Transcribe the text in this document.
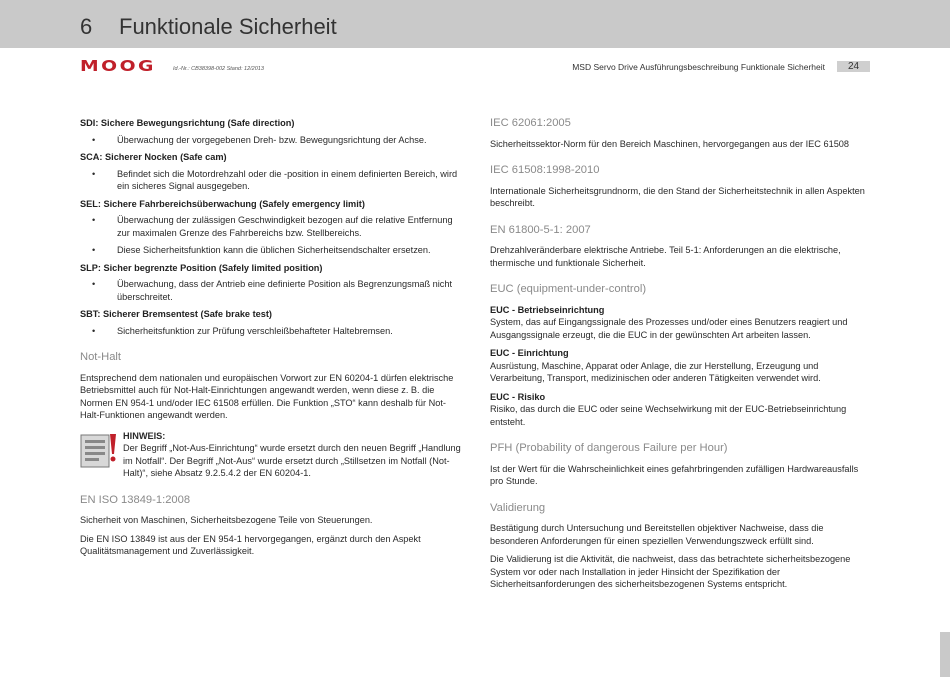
6 Funktionale Sicherheit
MOOG	Id.-Nr.: CB38398-002 Stand: 12/2013	MSD Servo Drive Ausführungsbeschreibung Funktionale Sicherheit	24
SDI: Sichere Bewegungsrichtung (Safe direction)
• Überwachung der vorgegebenen Dreh- bzw. Bewegungsrichtung der Achse.
SCA: Sicherer Nocken (Safe cam)
• Befindet sich die Motordrehzahl oder die -position in einem definierten Bereich, wird ein sicheres Signal ausgegeben.
SEL: Sichere Fahrbereichsüberwachung (Safely emergency limit)
• Überwachung der zulässigen Geschwindigkeit bezogen auf die relative Entfernung zur maximalen Grenze des Fahrbereichs bzw. Stellbereichs.
• Diese Sicherheitsfunktion kann die üblichen Sicherheitsendschalter ersetzen.
SLP: Sicher begrenzte Position (Safely limited position)
• Überwachung, dass der Antrieb eine definierte Position als Begrenzungsmaß nicht überschreitet.
SBT: Sicherer Bremsentest (Safe brake test)
• Sicherheitsfunktion zur Prüfung verschleißbehafteter Haltebremsen.
Not-Halt

Entsprechend dem nationalen und europäischen Vorwort zur EN 60204-1 dürfen elektrische Betriebsmittel auch für Not-Halt-Einrichtungen angewandt werden, wenn diese z. B. die Normen EN 954-1 und/oder IEC 61508 erfüllen. Die Funktion „STO“ kann deshalb für Not-Halt-Funktionen angewandt werden.

HINWEIS:
Der Begriff „Not-Aus-Einrichtung“ wurde ersetzt durch den neuen Begriff „Handlung im Notfall“. Der Begriff „Not-Aus“ wurde ersetzt durch „Stillsetzen im Notfall (Not-Halt)“, siehe Absatz 9.2.5.4.2 der EN 60204-1.
EN ISO 13849-1:2008

Sicherheit von Maschinen, Sicherheitsbezogene Teile von Steuerungen.

Die EN ISO 13849 ist aus der EN 954-1 hervorgegangen, ergänzt durch den Aspekt Qualitätsmanagement und Zuverlässigkeit.

IEC 62061:2005

Sicherheitssektor-Norm für den Bereich Maschinen, hervorgegangen aus der IEC 61508

IEC 61508:1998-2010

Internationale Sicherheitsgrundnorm, die den Stand der Sicherheitstechnik in allen Aspekten beschreibt.

EN 61800-5-1: 2007

Drehzahlveränderbare elektrische Antriebe. Teil 5-1: Anforderungen an die elektrische, thermische und funktionale Sicherheit.

EUC (equipment-under-control)
EUC - Betriebseinrichtung

System, das auf Eingangssignale des Prozesses und/oder eines Benutzers reagiert und Ausgangssignale erzeugt, die die EUC in der gewünschten Art arbeiten lassen.

EUC - Einrichtung

Ausrüstung, Maschine, Apparat oder Anlage, die zur Herstellung, Erzeugung und Verarbeitung, Transport, medizinischen oder anderen Tätigkeiten verwendet wird.

EUC - Risiko

Risiko, das durch die EUC oder seine Wechselwirkung mit der EUC-Betriebseinrichtung entsteht.

PFH (Probability of dangerous Failure per Hour)

Ist der Wert für die Wahrscheinlichkeit eines gefahrbringenden zufälligen Hardwareausfalls pro Stunde.

Validierung

Bestätigung durch Untersuchung und Bereitstellen objektiver Nachweise, dass die besonderen Anforderungen für einen speziellen Verwendungszweck erfüllt sind.

Die Validierung ist die Aktivität, die nachweist, dass das betrachtete sicherheitsbezogene System vor oder nach Installation in jeder Hinsicht der Spezifikation der Sicherheitsanforderungen des sicherheitsbezogenen Systems entspricht.
